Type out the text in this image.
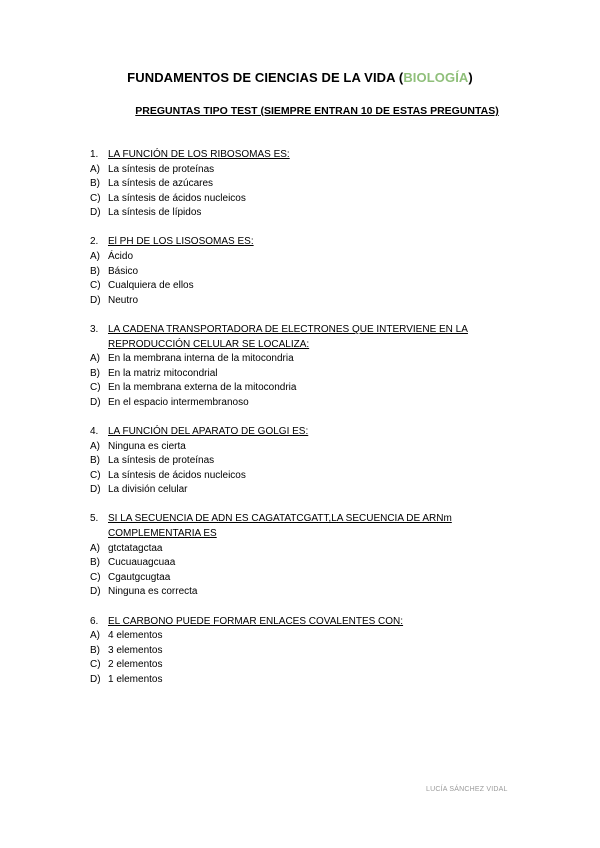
FUNDAMENTOS DE CIENCIAS DE LA VIDA (BIOLOGÍA)
PREGUNTAS TIPO TEST (SIEMPRE ENTRAN 10 DE ESTAS PREGUNTAS)
1. LA FUNCIÓN DE LOS RIBOSOMAS ES:
A) La síntesis de proteínas
B) La síntesis de azúcares
C) La síntesis de ácidos nucleicos
D) La síntesis de lípidos
2. El PH DE LOS LISOSOMAS ES:
A) Ácido
B) Básico
C) Cualquiera de ellos
D) Neutro
3. LA CADENA TRANSPORTADORA DE ELECTRONES QUE INTERVIENE EN LA REPRODUCCIÓN CELULAR SE LOCALIZA:
A) En la membrana interna de la mitocondria
B) En la matriz mitocondrial
C) En la membrana externa de la mitocondria
D) En el espacio intermembranoso
4. LA FUNCIÓN DEL APARATO DE GOLGI ES:
A) Ninguna es cierta
B) La síntesis de proteínas
C) La síntesis de ácidos nucleicos
D) La división celular
5. SI LA SECUENCIA DE ADN ES CAGATATCGATT,LA SECUENCIA DE ARNm COMPLEMENTARIA ES
A) gtctatagctaa
B) Cucuauagcuaa
C) Cgautgcugtaa
D) Ninguna es correcta
6. EL CARBONO PUEDE FORMAR ENLACES COVALENTES CON:
A) 4 elementos
B) 3 elementos
C) 2 elementos
D) 1 elementos
LUCÍA SÁNCHEZ VIDAL
